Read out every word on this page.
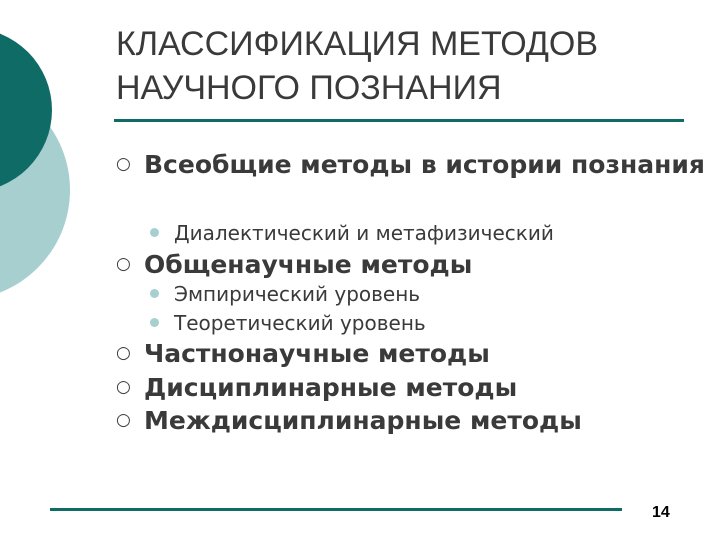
КЛАССИФИКАЦИЯ МЕТОДОВ
НАУЧНОГО ПОЗНАНИЯ
○ Всеобщие методы в истории познания
Диалектический и метафизический
○ Общенаучные методы
Эмпирический уровень
Теоретический уровень
○ Частнонаучные методы
○ Дисциплинарные методы
○ Междисциплинарные методы
14
